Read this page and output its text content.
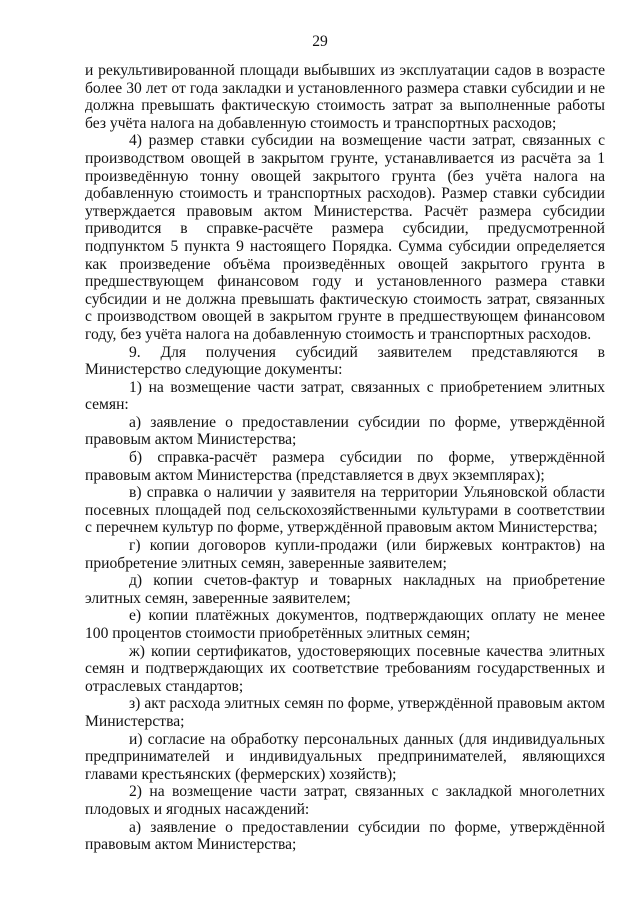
29

и рекультивированной площади выбывших из эксплуатации садов в возрасте более 30 лет от года закладки и установленного размера ставки субсидии и не должна превышать фактическую стоимость затрат за выполненные работы без учёта налога на добавленную стоимость и транспортных расходов;

4) размер ставки субсидии на возмещение части затрат, связанных с производством овощей в закрытом грунте, устанавливается из расчёта за 1 произведённую тонну овощей закрытого грунта (без учёта налога на добавленную стоимость и транспортных расходов). Размер ставки субсидии утверждается правовым актом Министерства. Расчёт размера субсидии приводится в справке-расчёте размера субсидии, предусмотренной подпунктом 5 пункта 9 настоящего Порядка. Сумма субсидии определяется как произведение объёма произведённых овощей закрытого грунта в предшествующем финансовом году и установленного размера ставки субсидии и не должна превышать фактическую стоимость затрат, связанных с производством овощей в закрытом грунте в предшествующем финансовом году, без учёта налога на добавленную стоимость и транспортных расходов.

9. Для получения субсидий заявителем представляются в Министерство следующие документы:

1) на возмещение части затрат, связанных с приобретением элитных семян:

а) заявление о предоставлении субсидии по форме, утверждённой правовым актом Министерства;

б) справка-расчёт размера субсидии по форме, утверждённой правовым актом Министерства (представляется в двух экземплярах);

в) справка о наличии у заявителя на территории Ульяновской области посевных площадей под сельскохозяйственными культурами в соответствии с перечнем культур по форме, утверждённой правовым актом Министерства;

г) копии договоров купли-продажи (или биржевых контрактов) на приобретение элитных семян, заверенные заявителем;

д) копии счетов-фактур и товарных накладных на приобретение элитных семян, заверенные заявителем;

е) копии платёжных документов, подтверждающих оплату не менее 100 процентов стоимости приобретённых элитных семян;

ж) копии сертификатов, удостоверяющих посевные качества элитных семян и подтверждающих их соответствие требованиям государственных и отраслевых стандартов;

з) акт расхода элитных семян по форме, утверждённой правовым актом Министерства;

и) согласие на обработку персональных данных (для индивидуальных предпринимателей и индивидуальных предпринимателей, являющихся главами крестьянских (фермерских) хозяйств);

2) на возмещение части затрат, связанных с закладкой многолетних плодовых и ягодных насаждений:

а) заявление о предоставлении субсидии по форме, утверждённой правовым актом Министерства;
